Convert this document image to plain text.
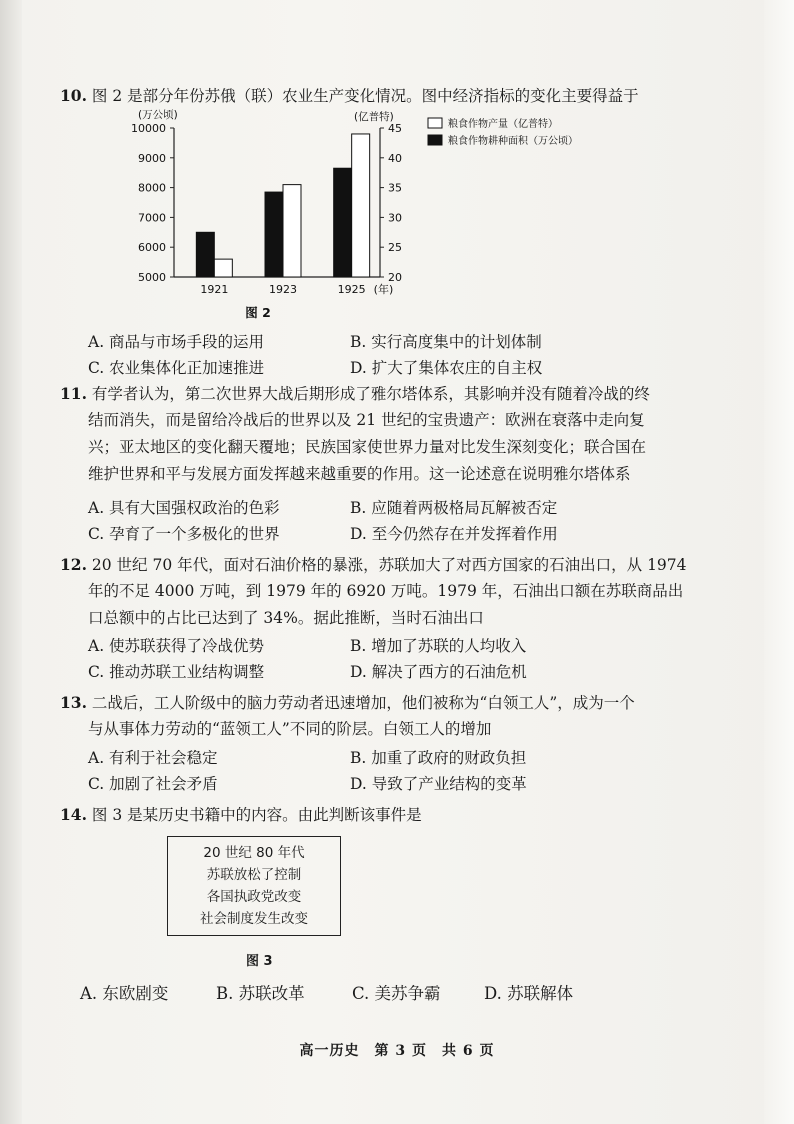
10. 图 2 是部分年份苏俄（联）农业生产变化情况。图中经济指标的变化主要得益于
5000
6000
7000
8000
9000
10000
20
25
30
35
40
45
(万公顷)	(亿普特)
1921	1923	1925 (年)
粮食作物产量（亿普特）
粮食作物耕种面积（万公顷）
图 2
A. 商品与市场手段的运用	B. 实行高度集中的计划体制
C. 农业集体化正加速推进	D. 扩大了集体农庄的自主权
11. 有学者认为，第二次世界大战后期形成了雅尔塔体系，其影响并没有随着冷战的终
结而消失，而是留给冷战后的世界以及 21 世纪的宝贵遗产：欧洲在衰落中走向复
兴；亚太地区的变化翻天覆地；民族国家使世界力量对比发生深刻变化；联合国在
维护世界和平与发展方面发挥越来越重要的作用。这一论述意在说明雅尔塔体系
A. 具有大国强权政治的色彩	B. 应随着两极格局瓦解被否定
C. 孕育了一个多极化的世界	D. 至今仍然存在并发挥着作用
12. 20 世纪 70 年代，面对石油价格的暴涨，苏联加大了对西方国家的石油出口，从 1974
年的不足 4000 万吨，到 1979 年的 6920 万吨。1979 年，石油出口额在苏联商品出
口总额中的占比已达到了 34%。据此推断，当时石油出口
A. 使苏联获得了冷战优势	B. 增加了苏联的人均收入
C. 推动苏联工业结构调整	D. 解决了西方的石油危机
13. 二战后，工人阶级中的脑力劳动者迅速增加，他们被称为“白领工人”，成为一个
与从事体力劳动的“蓝领工人”不同的阶层。白领工人的增加
A. 有利于社会稳定	B. 加重了政府的财政负担
C. 加剧了社会矛盾	D. 导致了产业结构的变革
14. 图 3 是某历史书籍中的内容。由此判断该事件是
20 世纪 80 年代
苏联放松了控制
各国执政党改变
社会制度发生改变
图 3
A. 东欧剧变	B. 苏联改革	C. 美苏争霸	D. 苏联解体
高一历史　第 3 页　共 6 页
